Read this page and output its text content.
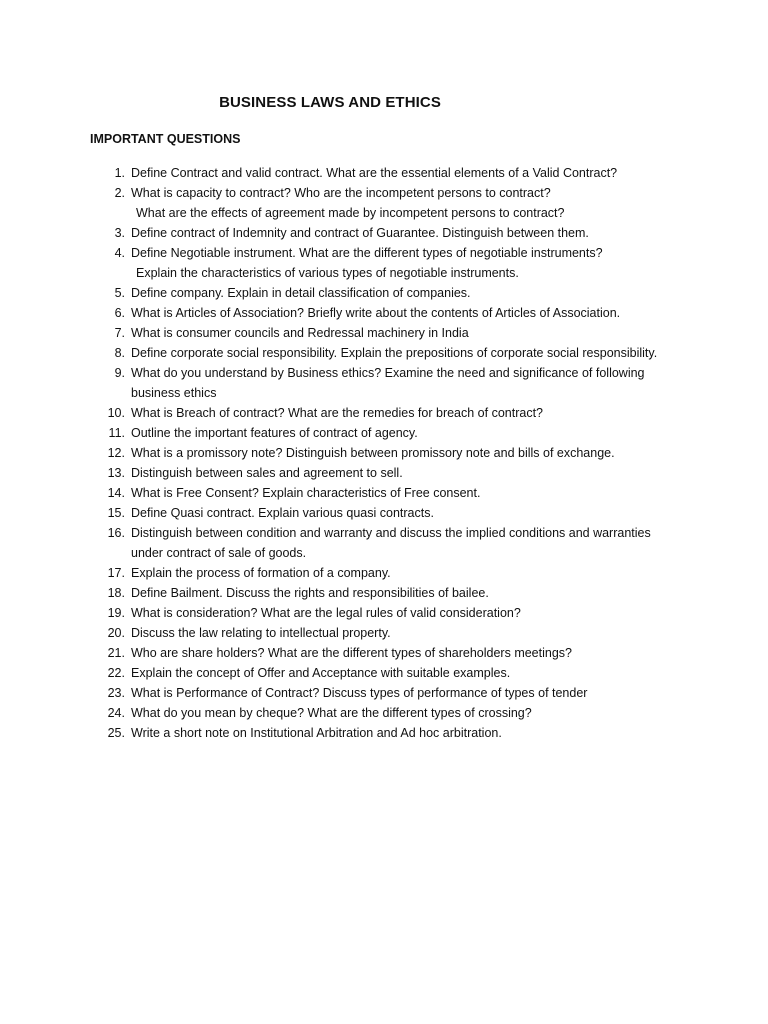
BUSINESS LAWS AND ETHICS
IMPORTANT QUESTIONS
1. Define Contract and valid contract. What are the essential elements of a Valid Contract?
2. What is capacity to contract? Who are the incompetent persons to contract?
What are the effects of agreement made by incompetent persons to contract?
3. Define contract of Indemnity and contract of Guarantee. Distinguish between them.
4. Define Negotiable instrument. What are the different types of negotiable instruments?
Explain the characteristics of various types of negotiable instruments.
5. Define company. Explain in detail classification of companies.
6. What is Articles of Association? Briefly write about the contents of Articles of Association.
7. What is consumer councils and Redressal machinery in India
8. Define corporate social responsibility. Explain the prepositions of corporate social responsibility.
9. What do you understand by Business ethics? Examine the need and significance of following
business ethics
10. What is Breach of contract? What are the remedies for breach of contract?
11. Outline the important features of contract of agency.
12. What is a promissory note? Distinguish between promissory note and bills of exchange.
13. Distinguish between sales and agreement to sell.
14. What is Free Consent? Explain characteristics of Free consent.
15. Define Quasi contract. Explain various quasi contracts.
16. Distinguish between condition and warranty and discuss the implied conditions and warranties
under contract of sale of goods.
17. Explain the process of formation of a company.
18. Define Bailment. Discuss the rights and responsibilities of bailee.
19. What is consideration? What are the legal rules of valid consideration?
20. Discuss the law relating to intellectual property.
21. Who are share holders? What are the different types of shareholders meetings?
22. Explain the concept of Offer and Acceptance with suitable examples.
23. What is Performance of Contract? Discuss types of performance of types of tender
24. What do you mean by cheque? What are the different types of crossing?
25. Write a short note on Institutional Arbitration and Ad hoc arbitration.
